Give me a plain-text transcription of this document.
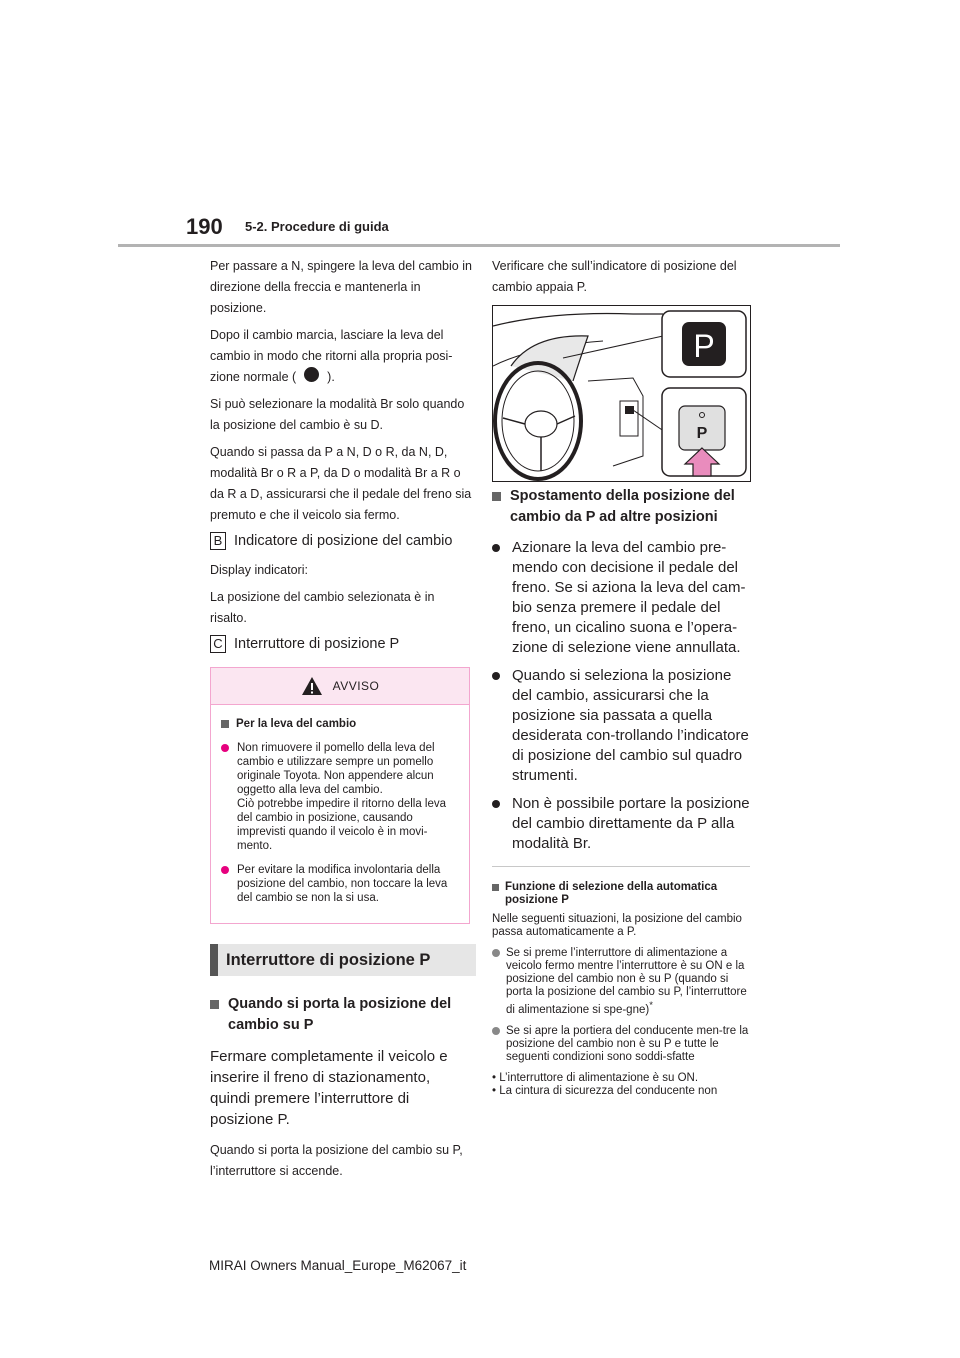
190 5-2. Procedure di guida

Per passare a N, spingere la leva del cambio in direzione della freccia e mantenerla in posizione.

Dopo il cambio marcia, lasciare la leva del cambio in modo che ritorni alla propria posi-
zione normale ( ).

Si può selezionare la modalità Br solo quando la posizione del cambio è su D.

Quando si passa da P a N, D o R, da N, D, modalità Br o R a P, da D o modalità Br a R o da R a D, assicurarsi che il pedale del freno sia premuto e che il veicolo sia fermo.

B Indicatore di posizione del cambio

Display indicatori:

La posizione del cambio selezionata è in risalto.

C Interruttore di posizione P
AVVISO
Per la leva del cambio
Non rimuovere il pomello della leva del cambio e utilizzare sempre un pomello originale Toyota. Non appendere alcun oggetto alla leva del cambio.
Ciò potrebbe impedire il ritorno della leva del cambio in posizione, causando imprevisti quando il veicolo è in movi-mento.
Per evitare la modifica involontaria della posizione del cambio, non toccare la leva del cambio se non la si usa.
Interruttore di posizione P
Quando si porta la posizione del cambio su P

Fermare completamente il veicolo e inserire il freno di stazionamento, quindi premere l’interruttore di posizione P.

Quando si porta la posizione del cambio su P, l’interruttore si accende.

Verificare che sull’indicatore di posizione del cambio appaia P.

P
P
Spostamento della posizione del cambio da P ad altre posizioni
Azionare la leva del cambio pre-mendo con decisione il pedale del freno. Se si aziona la leva del cam-bio senza premere il pedale del freno, un cicalino suona e l’opera-zione di selezione viene annullata.
Quando si seleziona la posizione del cambio, assicurarsi che la posizione sia passata a quella desiderata con-trollando l’indicatore di posizione del cambio sul quadro strumenti.
Non è possibile portare la posizione del cambio direttamente da P alla modalità Br.
Funzione di selezione della automatica posizione P

Nelle seguenti situazioni, la posizione del cambio passa automaticamente a P.

Se si preme l’interruttore di alimentazione a veicolo fermo mentre l’interruttore è su ON e la posizione del cambio non è su P (quando si porta la posizione del cambio su P, l’interruttore di alimentazione si spe-gne)*
Se si apre la portiera del conducente men-tre la posizione del cambio non è su P e tutte le seguenti condizioni sono soddi-sfatte

• L’interruttore di alimentazione è su ON.

• La cintura di sicurezza del conducente non

MIRAI Owners Manual_Europe_M62067_it
